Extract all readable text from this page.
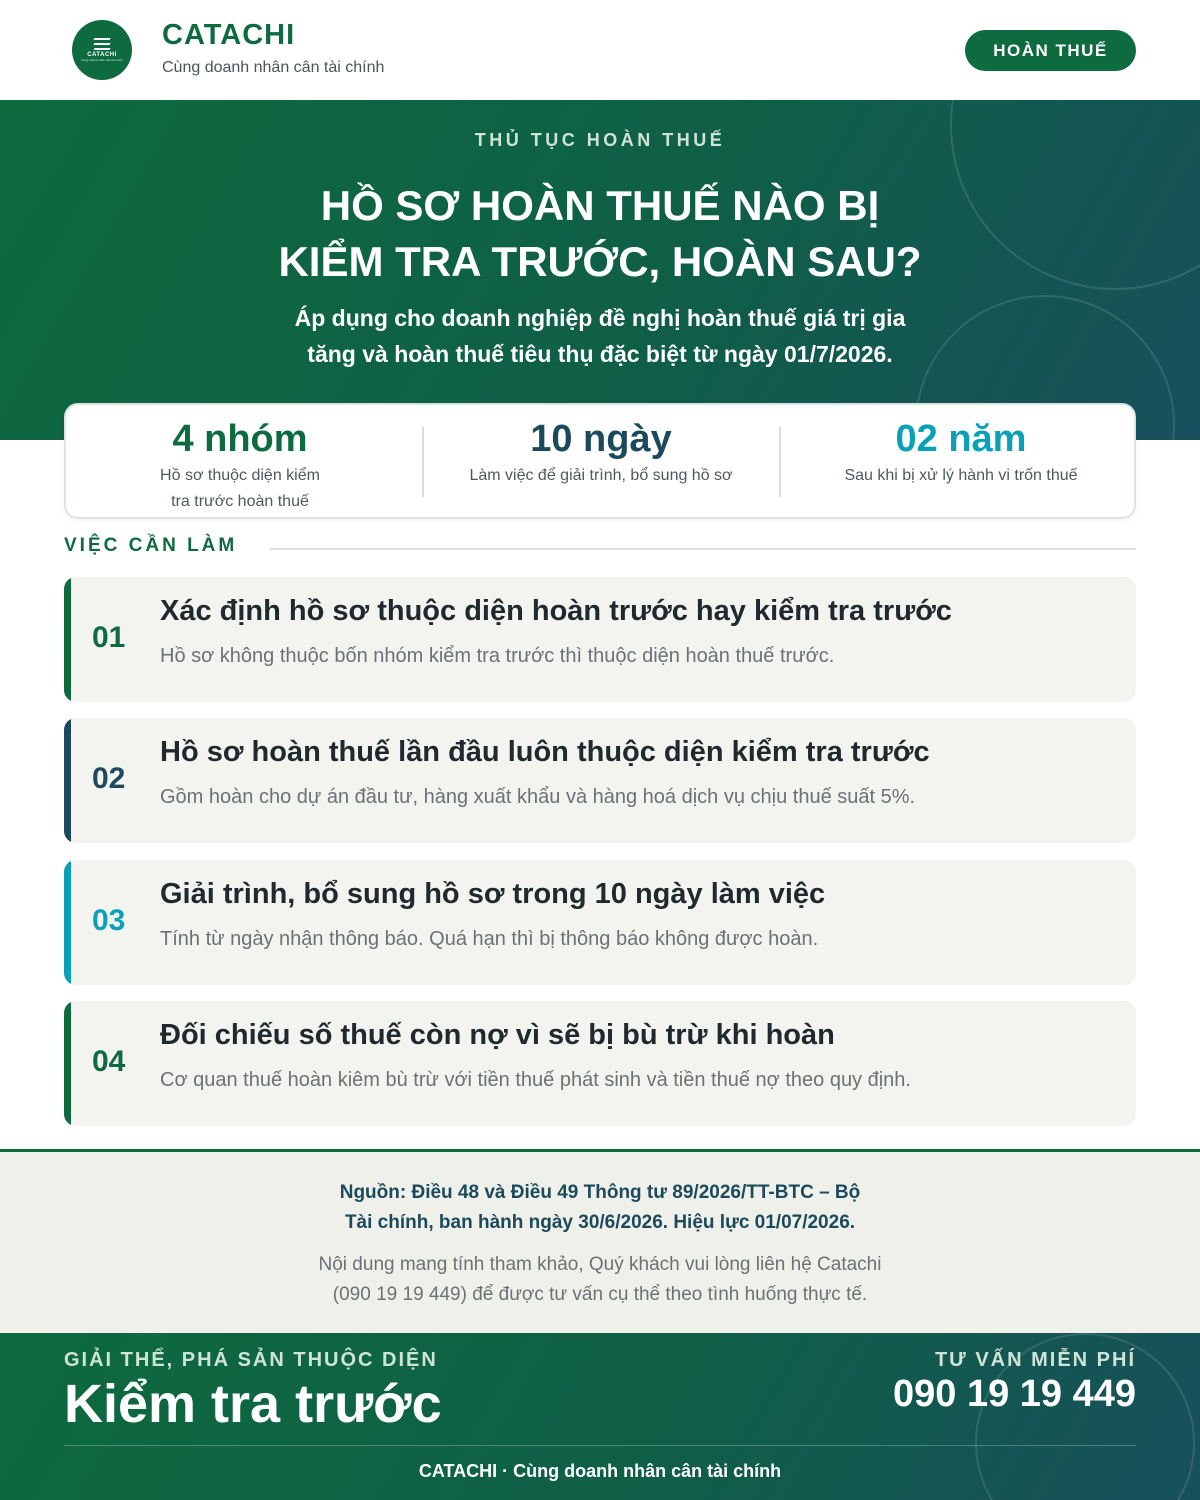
CATACHI
Cùng doanh nhân cân tài chính
CATACHI
Cùng doanh nhân cân tài chính
HOÀN THUẾ
THỦ TỤC HOÀN THUẾ
HỒ SƠ HOÀN THUẾ NÀO BỊ
KIỂM TRA TRƯỚC, HOÀN SAU?
Áp dụng cho doanh nghiệp đề nghị hoàn thuế giá trị gia
tăng và hoàn thuế tiêu thụ đặc biệt từ ngày 01/7/2026.
4 nhóm
Hồ sơ thuộc diện kiểm
tra trước hoàn thuế
10 ngày
Làm việc để giải trình, bổ sung hồ sơ
02 năm
Sau khi bị xử lý hành vi trốn thuế
VIỆC CẦN LÀM
01
Xác định hồ sơ thuộc diện hoàn trước hay kiểm tra trước
Hồ sơ không thuộc bốn nhóm kiểm tra trước thì thuộc diện hoàn thuế trước.
02
Hồ sơ hoàn thuế lần đầu luôn thuộc diện kiểm tra trước
Gồm hoàn cho dự án đầu tư, hàng xuất khẩu và hàng hoá dịch vụ chịu thuế suất 5%.
03
Giải trình, bổ sung hồ sơ trong 10 ngày làm việc
Tính từ ngày nhận thông báo. Quá hạn thì bị thông báo không được hoàn.
04
Đối chiếu số thuế còn nợ vì sẽ bị bù trừ khi hoàn
Cơ quan thuế hoàn kiêm bù trừ với tiền thuế phát sinh và tiền thuế nợ theo quy định.
Nguồn: Điều 48 và Điều 49 Thông tư 89/2026/TT-BTC – Bộ
Tài chính, ban hành ngày 30/6/2026. Hiệu lực 01/07/2026.
Nội dung mang tính tham khảo, Quý khách vui lòng liên hệ Catachi
(090 19 19 449) để được tư vấn cụ thể theo tình huống thực tế.
GIẢI THỂ, PHÁ SẢN THUỘC DIỆN
Kiểm tra trước
TƯ VẤN MIỄN PHÍ
090 19 19 449
CATACHI · Cùng doanh nhân cân tài chính
